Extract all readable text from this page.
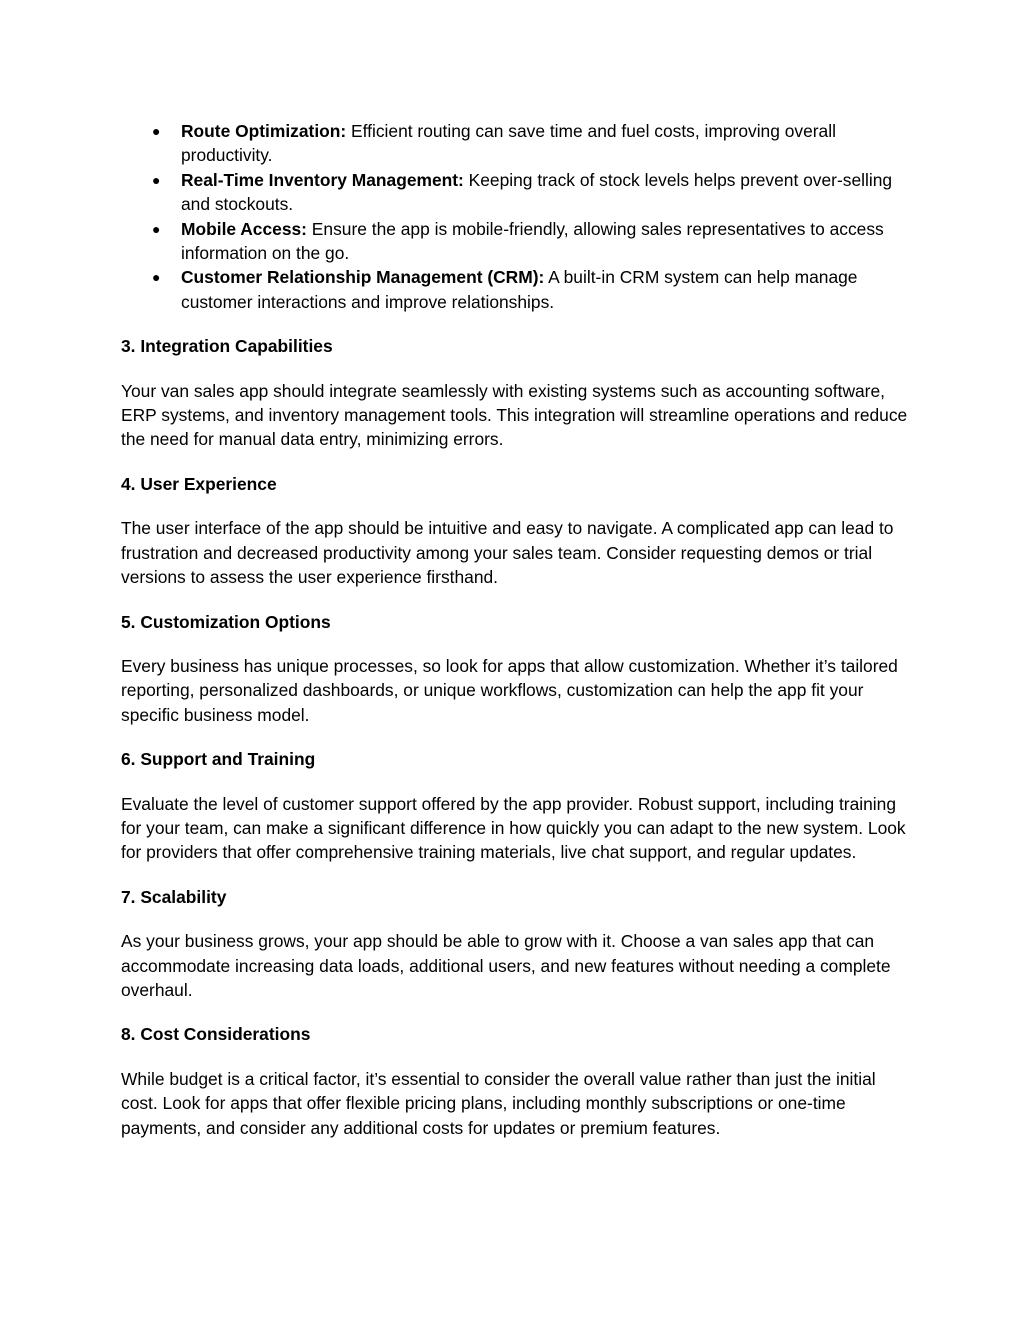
● Route Optimization: Efficient routing can save time and fuel costs, improving overall productivity.
● Real-Time Inventory Management: Keeping track of stock levels helps prevent over-selling and stockouts.
● Mobile Access: Ensure the app is mobile-friendly, allowing sales representatives to access information on the go.
● Customer Relationship Management (CRM): A built-in CRM system can help manage customer interactions and improve relationships.
3. Integration Capabilities

Your van sales app should integrate seamlessly with existing systems such as accounting software, ERP systems, and inventory management tools. This integration will streamline operations and reduce the need for manual data entry, minimizing errors.

4. User Experience

The user interface of the app should be intuitive and easy to navigate. A complicated app can lead to frustration and decreased productivity among your sales team. Consider requesting demos or trial versions to assess the user experience firsthand.

5. Customization Options

Every business has unique processes, so look for apps that allow customization. Whether it’s tailored reporting, personalized dashboards, or unique workflows, customization can help the app fit your specific business model.

6. Support and Training

Evaluate the level of customer support offered by the app provider. Robust support, including training for your team, can make a significant difference in how quickly you can adapt to the new system. Look for providers that offer comprehensive training materials, live chat support, and regular updates.

7. Scalability

As your business grows, your app should be able to grow with it. Choose a van sales app that can accommodate increasing data loads, additional users, and new features without needing a complete overhaul.

8. Cost Considerations

While budget is a critical factor, it’s essential to consider the overall value rather than just the initial cost. Look for apps that offer flexible pricing plans, including monthly subscriptions or one-time payments, and consider any additional costs for updates or premium features.
